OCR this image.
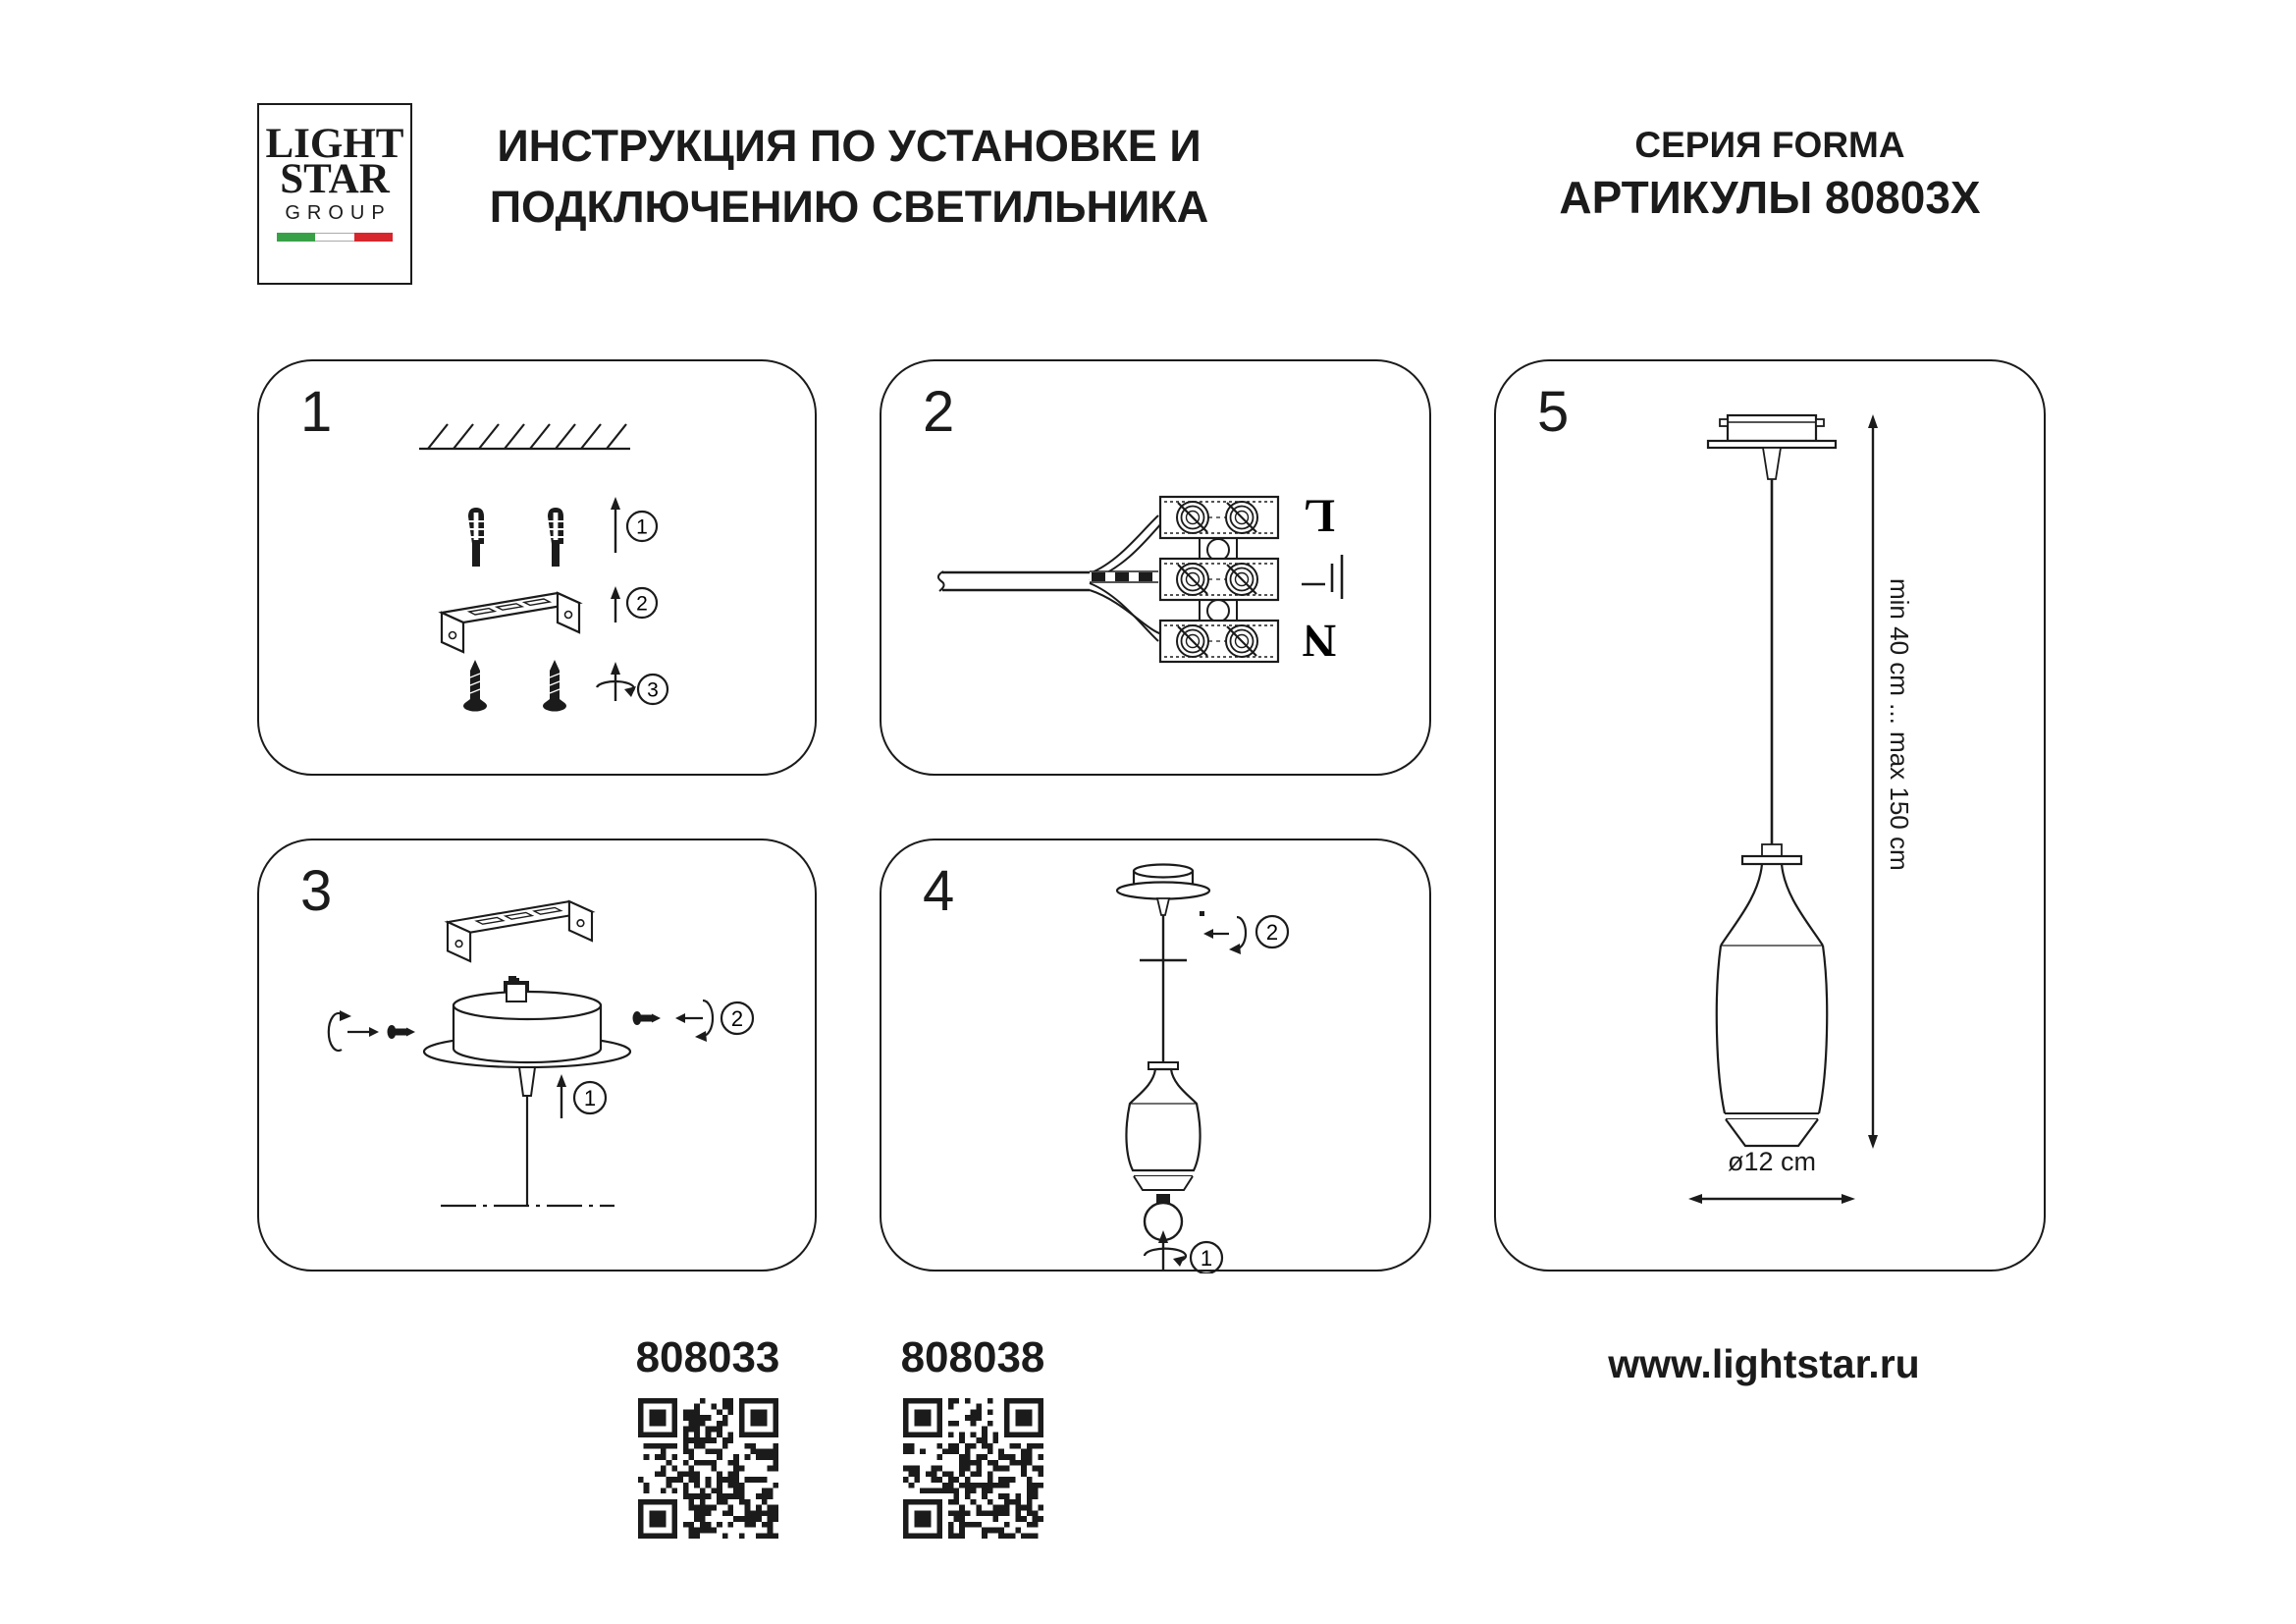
LIGHT
STAR
GROUP
ИНСТРУКЦИЯ ПО УСТАНОВКЕ И
ПОДКЛЮЧЕНИЮ СВЕТИЛЬНИКА
СЕРИЯ FORMA
АРТИКУЛЫ 80803X
1
1
2
3
2
L
N
3
2
1
4
2
1
5
min 40 cm ... max 150 cm
ø12 cm
808033	808038	www.lightstar.ru
